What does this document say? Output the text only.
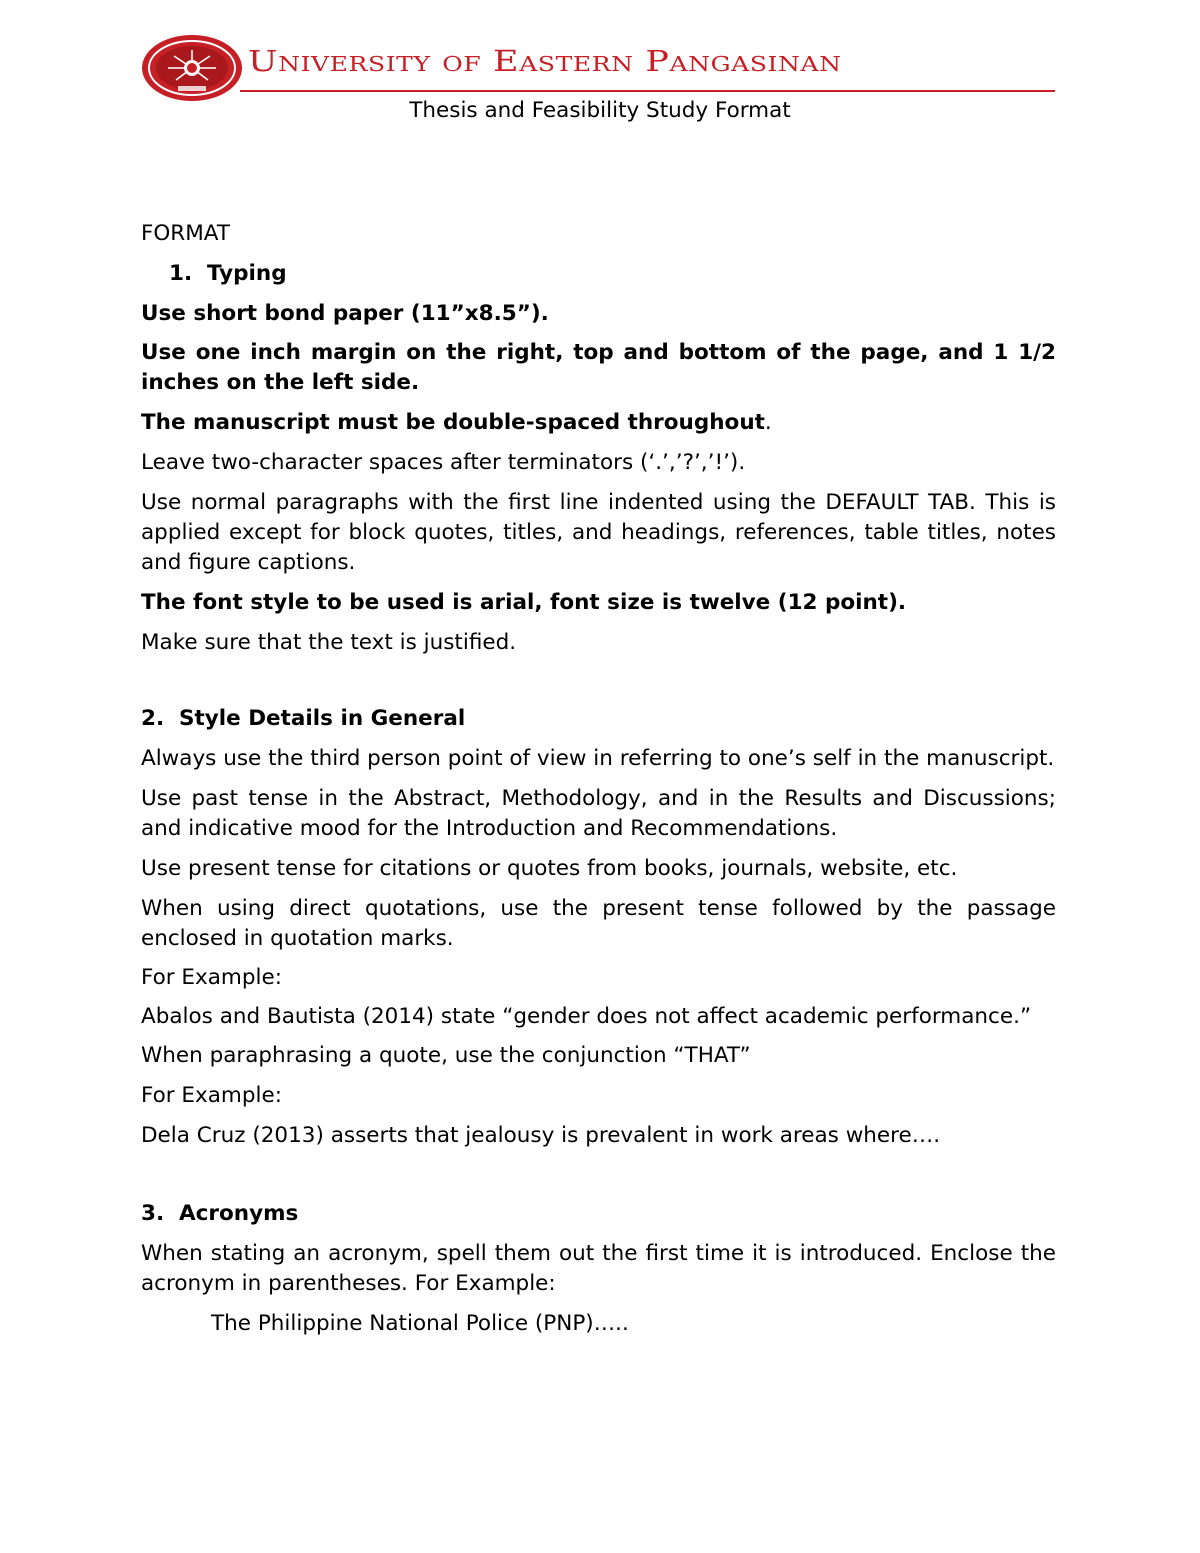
University of Eastern Pangasinan
Thesis and Feasibility Study Format

FORMAT

1. Typing

Use short bond paper (11”x8.5”).

Use one inch margin on the right, top and bottom of the page, and 1 1/2 inches on the left side.

The manuscript must be double-spaced throughout.

Leave two-character spaces after terminators (‘.’,’?’,’!’).

Use normal paragraphs with the first line indented using the DEFAULT TAB. This is applied except for block quotes, titles, and headings, references, table titles, notes and figure captions.

The font style to be used is arial, font size is twelve (12 point).

Make sure that the text is justified.

2. Style Details in General

Always use the third person point of view in referring to one’s self in the manuscript.

Use past tense in the Abstract, Methodology, and in the Results and Discussions; and indicative mood for the Introduction and Recommendations.

Use present tense for citations or quotes from books, journals, website, etc.

When using direct quotations, use the present tense followed by the passage enclosed in quotation marks.

For Example:

Abalos and Bautista (2014) state “gender does not affect academic performance.”

When paraphrasing a quote, use the conjunction “THAT”

For Example:

Dela Cruz (2013) asserts that jealousy is prevalent in work areas where….

3. Acronyms

When stating an acronym, spell them out the first time it is introduced. Enclose the acronym in parentheses. For Example:

The Philippine National Police (PNP)…..
